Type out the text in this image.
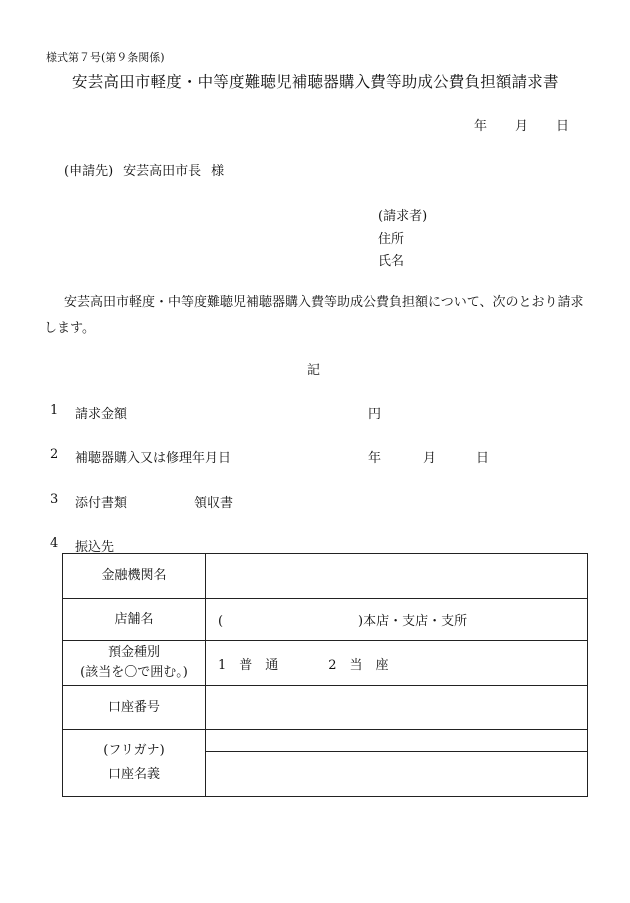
様式第７号(第９条関係)
安芸高田市軽度・中等度難聴児補聴器購入費等助成公費負担額請求書
年 月 日
(申請先) 安芸高田市長 様
(請求者)
住所
氏名
安芸高田市軽度・中等度難聴児補聴器購入費等助成公費負担額について、次のとおり請求します。
記
1 請求金額	円
2 補聴器購入又は修理年月日	年	月	日
3 添付書類	領収書
4 振込先
金融機関名	
店舗名	( )本店・支店・支所

預金種別
(該当を〇で囲む。)	1　普　通 2　当　座
口座番号	

(フリガナ)
口座名義	
